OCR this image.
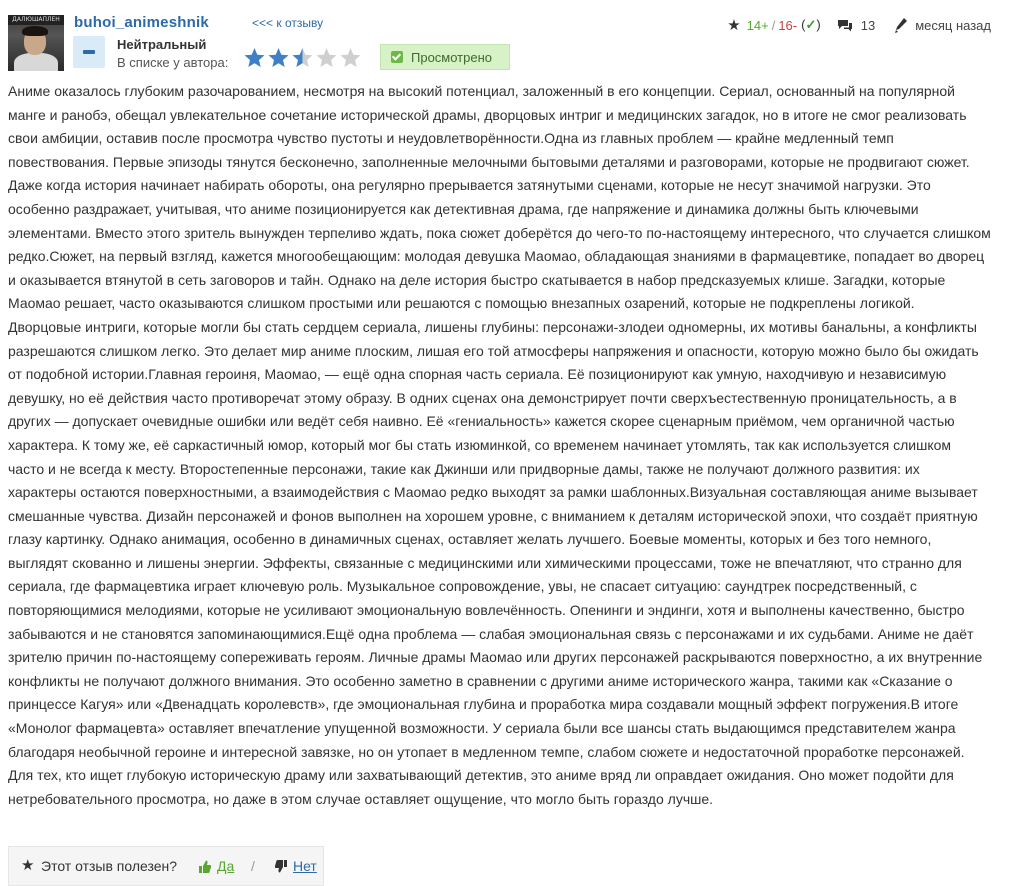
ДАЛЮШАПЛЕН buhoi_animeshnik	<<< к отзыву
Нейтральный
В списке у автора:	Просмотрено
★ 14+ / 16- (✓)	13	месяц назад

Аниме оказалось глубоким разочарованием, несмотря на высокий потенциал, заложенный в его концепции. Сериал, основанный на популярной манге и ранобэ, обещал увлекательное сочетание исторической драмы, дворцовых интриг и медицинских загадок, но в итоге не смог реализовать свои амбиции, оставив после просмотра чувство пустоты и неудовлетворённости.Одна из главных проблем — крайне медленный темп повествования. Первые эпизоды тянутся бесконечно, заполненные мелочными бытовыми деталями и разговорами, которые не продвигают сюжет. Даже когда история начинает набирать обороты, она регулярно прерывается затянутыми сценами, которые не несут значимой нагрузки. Это особенно раздражает, учитывая, что аниме позиционируется как детективная драма, где напряжение и динамика должны быть ключевыми элементами. Вместо этого зритель вынужден терпеливо ждать, пока сюжет доберётся до чего-то по-настоящему интересного, что случается слишком редко.Сюжет, на первый взгляд, кажется многообещающим: молодая девушка Маомао, обладающая знаниями в фармацевтике, попадает во дворец и оказывается втянутой в сеть заговоров и тайн. Однако на деле история быстро скатывается в набор предсказуемых клише. Загадки, которые Маомао решает, часто оказываются слишком простыми или решаются с помощью внезапных озарений, которые не подкреплены логикой. Дворцовые интриги, которые могли бы стать сердцем сериала, лишены глубины: персонажи-злодеи одномерны, их мотивы банальны, а конфликты разрешаются слишком легко. Это делает мир аниме плоским, лишая его той атмосферы напряжения и опасности, которую можно было бы ожидать от подобной истории.Главная героиня, Маомао, — ещё одна спорная часть сериала. Её позиционируют как умную, находчивую и независимую девушку, но её действия часто противоречат этому образу. В одних сценах она демонстрирует почти сверхъестественную проницательность, а в других — допускает очевидные ошибки или ведёт себя наивно. Её «гениальность» кажется скорее сценарным приёмом, чем органичной частью характера. К тому же, её саркастичный юмор, который мог бы стать изюминкой, со временем начинает утомлять, так как используется слишком часто и не всегда к месту. Второстепенные персонажи, такие как Джинши или придворные дамы, также не получают должного развития: их характеры остаются поверхностными, а взаимодействия с Маомао редко выходят за рамки шаблонных.Визуальная составляющая аниме вызывает смешанные чувства. Дизайн персонажей и фонов выполнен на хорошем уровне, с вниманием к деталям исторической эпохи, что создаёт приятную глазу картинку. Однако анимация, особенно в динамичных сценах, оставляет желать лучшего. Боевые моменты, которых и без того немного, выглядят скованно и лишены энергии. Эффекты, связанные с медицинскими или химическими процессами, тоже не впечатляют, что странно для сериала, где фармацевтика играет ключевую роль. Музыкальное сопровождение, увы, не спасает ситуацию: саундтрек посредственный, с повторяющимися мелодиями, которые не усиливают эмоциональную вовлечённость. Опенинги и эндинги, хотя и выполнены качественно, быстро забываются и не становятся запоминающимися.Ещё одна проблема — слабая эмоциональная связь с персонажами и их судьбами. Аниме не даёт зрителю причин по-настоящему сопереживать героям. Личные драмы Маомао или других персонажей раскрываются поверхностно, а их внутренние конфликты не получают должного внимания. Это особенно заметно в сравнении с другими аниме исторического жанра, такими как «Сказание о принцессе Кагуя» или «Двенадцать королевств», где эмоциональная глубина и проработка мира создавали мощный эффект погружения.В итоге «Монолог фармацевта» оставляет впечатление упущенной возможности. У сериала были все шансы стать выдающимся представителем жанра благодаря необычной героине и интересной завязке, но он утопает в медленном темпе, слабом сюжете и недостаточной проработке персонажей. Для тех, кто ищет глубокую историческую драму или захватывающий детектив, это аниме вряд ли оправдает ожидания. Оно может подойти для нетребовательного просмотра, но даже в этом случае оставляет ощущение, что могло быть гораздо лучше.

★ Этот отзыв полезен?	Да /	Нет
